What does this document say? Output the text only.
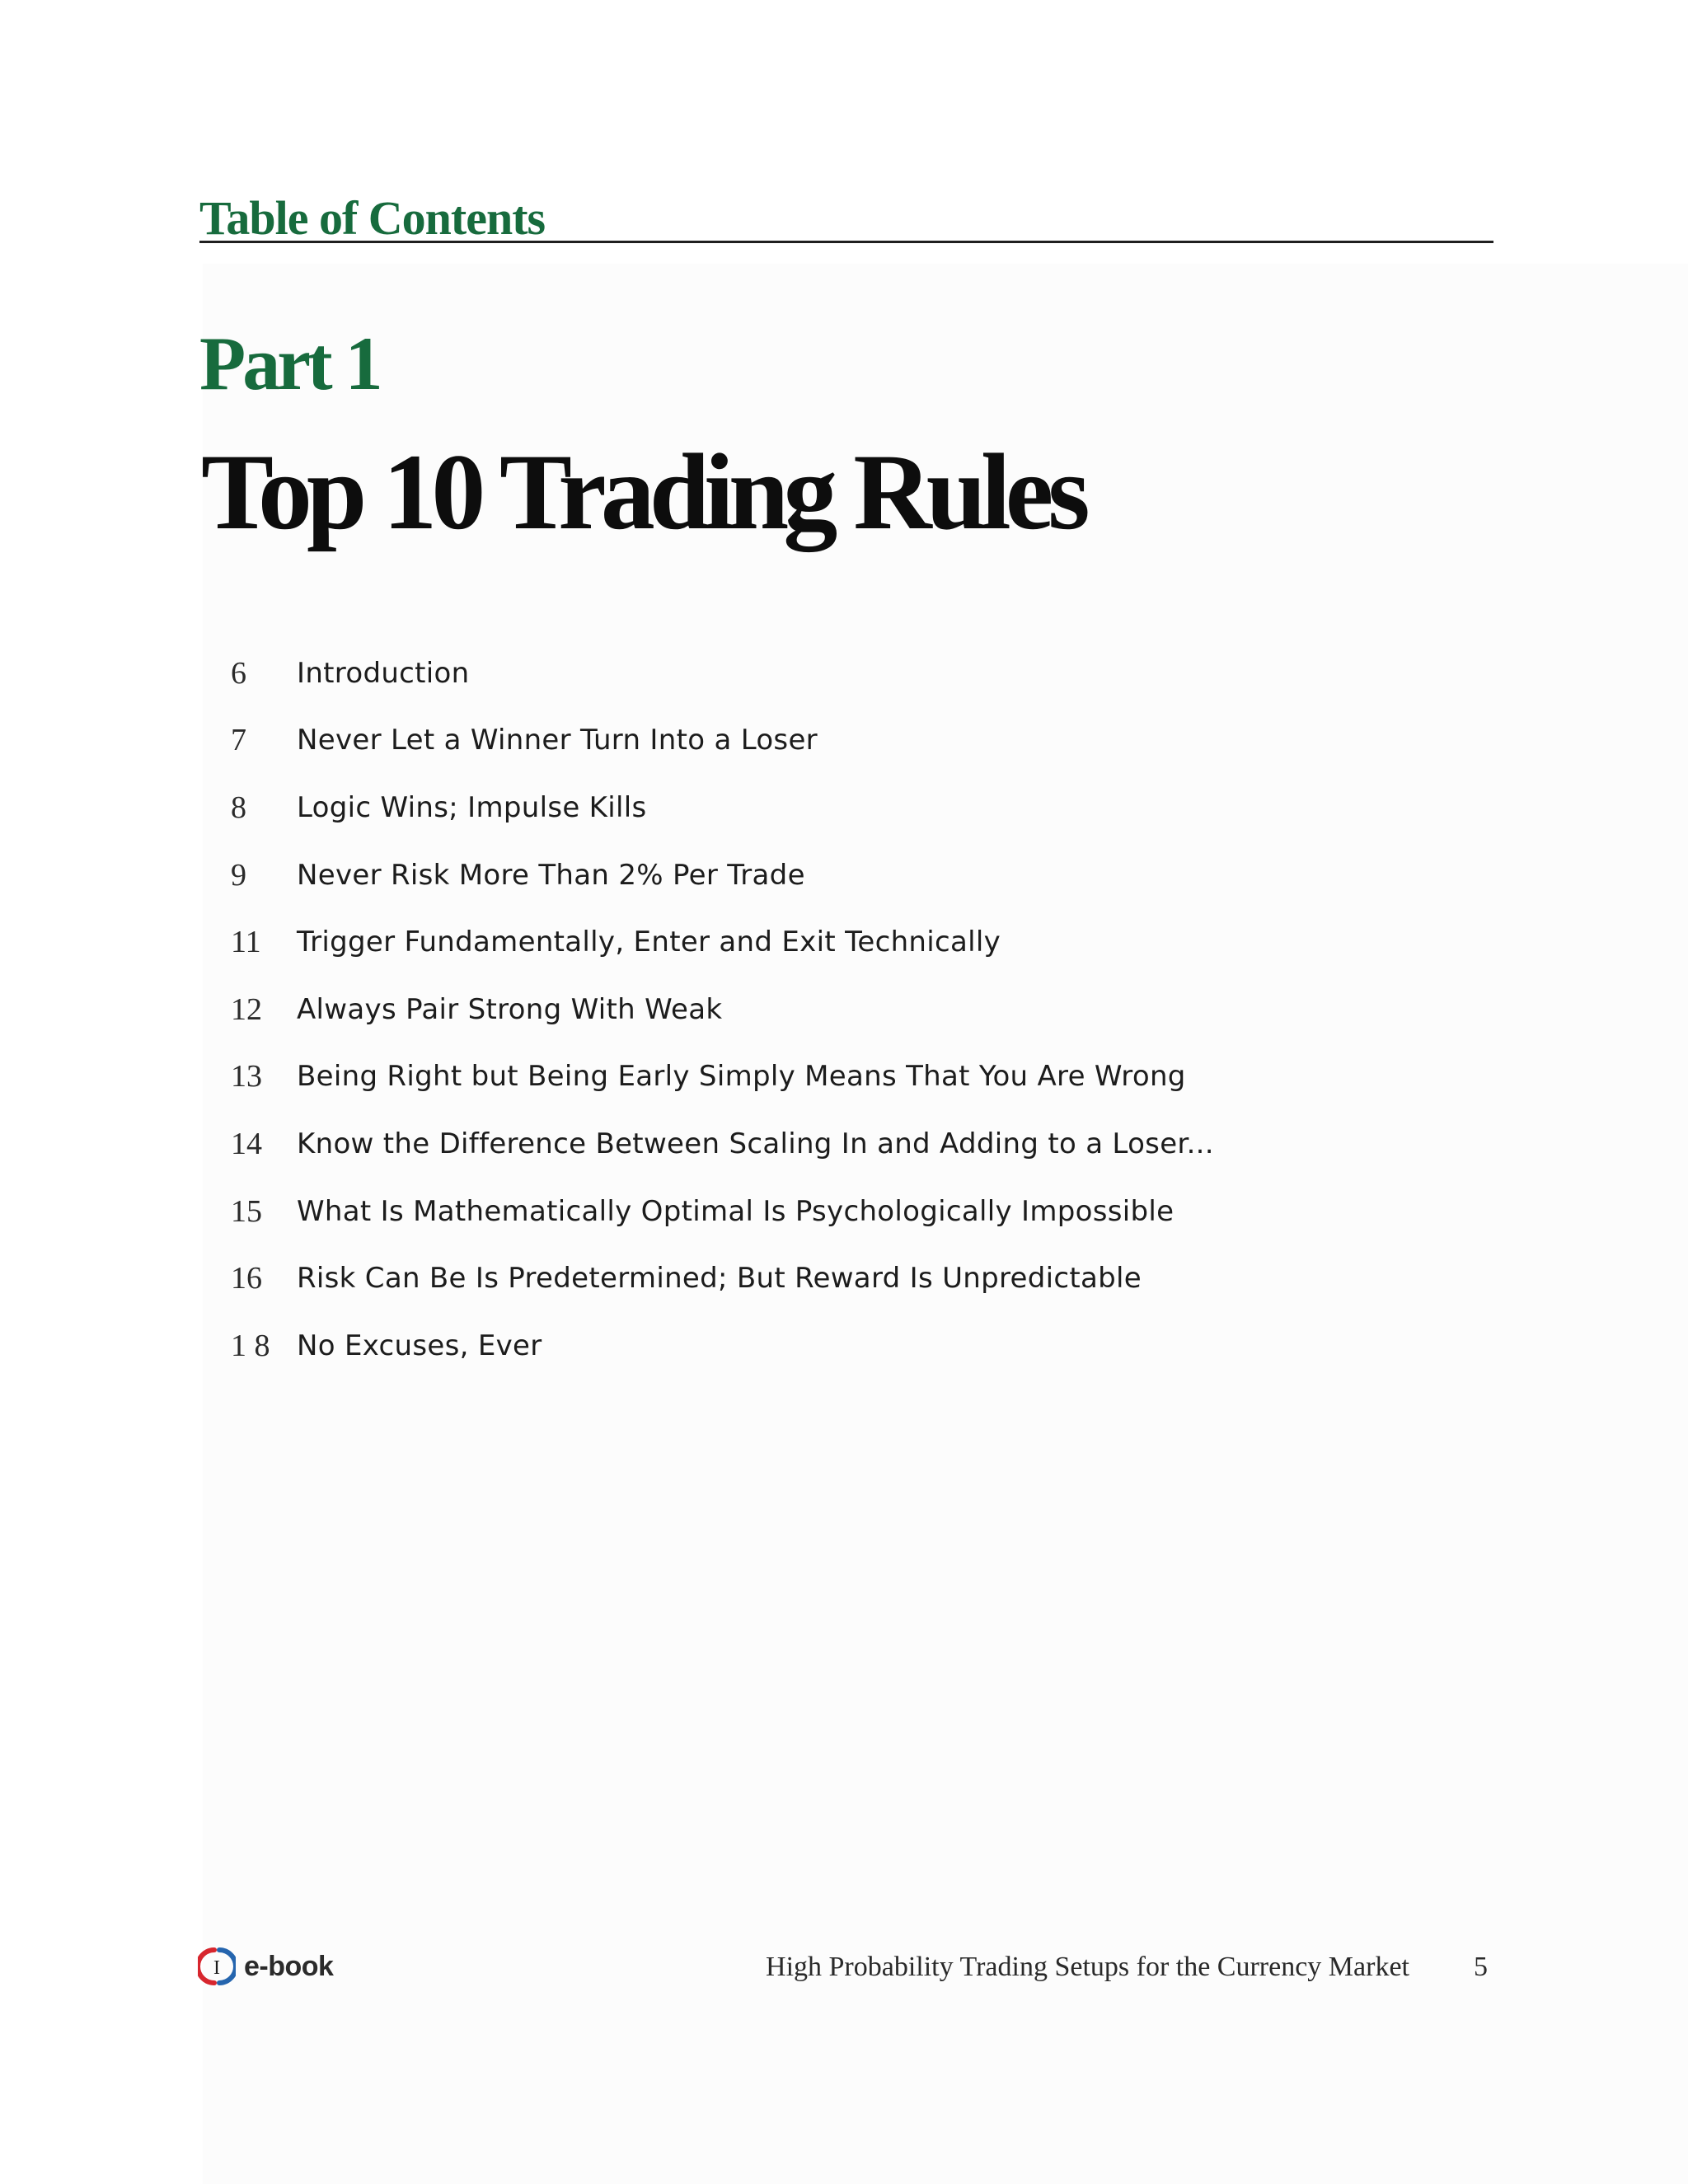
Table of Contents
Part 1
Top 10 Trading Rules
6	Introduction
7	Never Let a Winner Turn Into a Loser
8	Logic Wins; Impulse Kills
9	Never Risk More Than 2% Per Trade
11	Trigger Fundamentally, Enter and Exit Technically
12	Always Pair Strong With Weak
13	Being Right but Being Early Simply Means That You Are Wrong
14	Know the Difference Between Scaling In and Adding to a Loser...
15	What Is Mathematically Optimal Is Psychologically Impossible
16	Risk Can Be Is Predetermined; But Reward Is Unpredictable
1 8 No Excuses, Ever
I e-book	High Probability Trading Setups for the Currency Market 5
